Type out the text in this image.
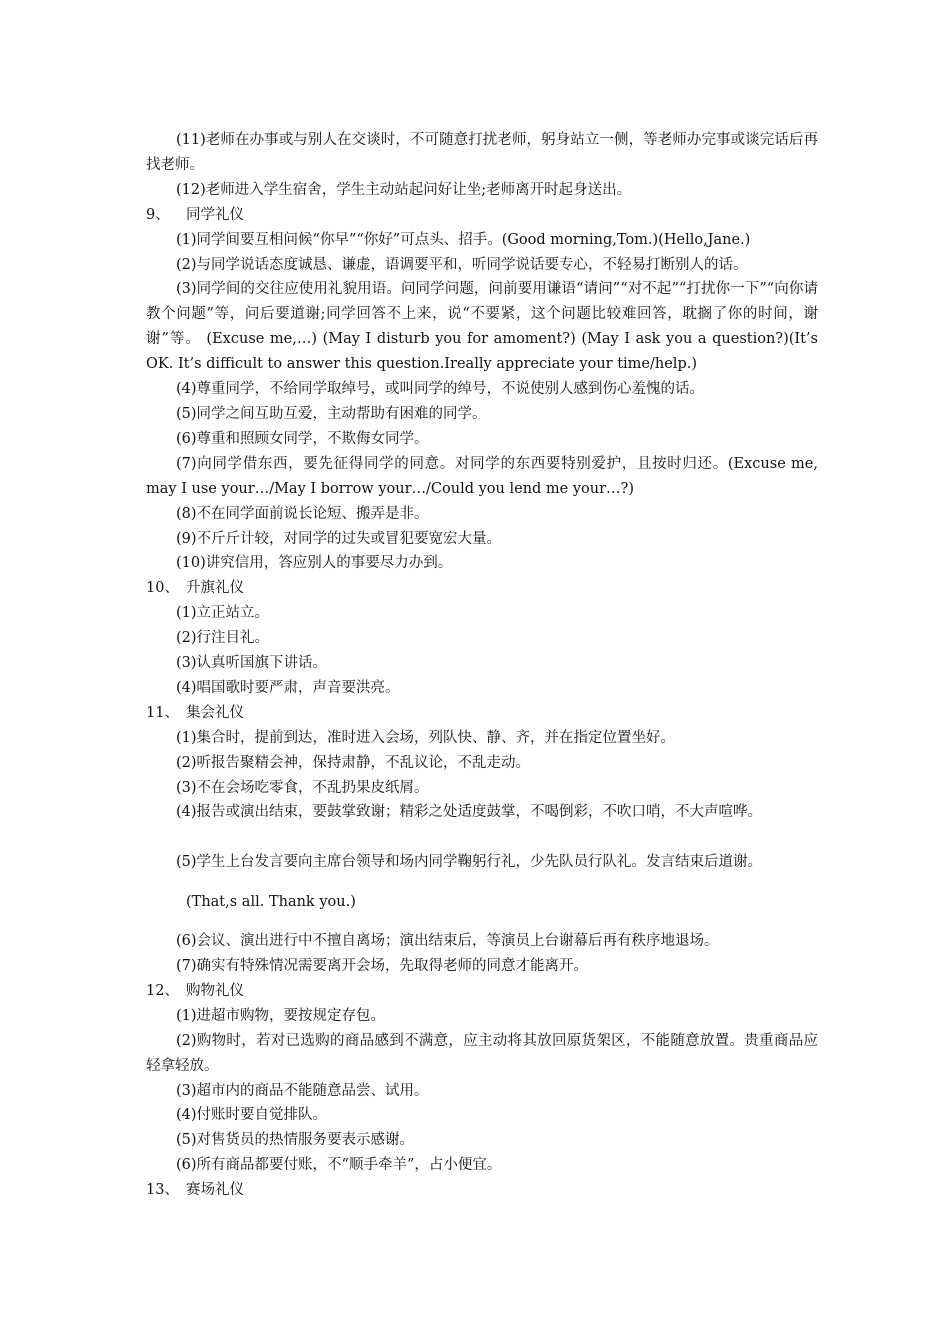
(11)老师在办事或与别人在交谈时，不可随意打扰老师，躬身站立一侧，等老师办完事或谈完话后再找老师。

(12)老师进入学生宿舍，学生主动站起问好让坐;老师离开时起身送出。

9、 同学礼仪

(1)同学间要互相问候“你早”“你好”可点头、招手。(Good morning,Tom.)(Hello,Jane.)

(2)与同学说话态度诚恳、谦虚，语调要平和，听同学说话要专心，不轻易打断别人的话。

(3)同学间的交往应使用礼貌用语。问同学问题，问前要用谦语“请问”“对不起”“打扰你一下”“向你请教个问题”等，问后要道谢;同学回答不上来，说“不要紧，这个问题比较难回答，耽搁了你的时间，谢谢”等。 (Excuse me,…) (May I disturb you for amoment?) (May I ask you a question?)(It’s OK. It’s difficult to answer this question.Ireally appreciate your time/help.)

(4)尊重同学，不给同学取绰号，或叫同学的绰号，不说使别人感到伤心羞愧的话。

(5)同学之间互助互爱，主动帮助有困难的同学。

(6)尊重和照顾女同学，不欺侮女同学。

(7)向同学借东西，要先征得同学的同意。对同学的东西要特别爱护，且按时归还。(Excuse me, may I use your…/May I borrow your…/Could you lend me your…?)

(8)不在同学面前说长论短、搬弄是非。

(9)不斤斤计较，对同学的过失或冒犯要宽宏大量。

(10)讲究信用，答应别人的事要尽力办到。

10、 升旗礼仪

(1)立正站立。

(2)行注目礼。

(3)认真听国旗下讲话。

(4)唱国歌时要严肃，声音要洪亮。

11、 集会礼仪

(1)集合时，提前到达，准时进入会场，列队快、静、齐，并在指定位置坐好。

(2)听报告聚精会神，保持肃静，不乱议论，不乱走动。

(3)不在会场吃零食，不乱扔果皮纸屑。

(4)报告或演出结束，要鼓掌致谢；精彩之处适度鼓掌，不喝倒彩，不吹口哨，不大声喧哗。

(5)学生上台发言要向主席台领导和场内同学鞠躬行礼，少先队员行队礼。发言结束后道谢。

(That,s all. Thank you.)

(6)会议、演出进行中不擅自离场；演出结束后，等演员上台谢幕后再有秩序地退场。

(7)确实有特殊情况需要离开会场，先取得老师的同意才能离开。

12、 购物礼仪

(1)进超市购物，要按规定存包。

(2)购物时，若对已选购的商品感到不满意，应主动将其放回原货架区，不能随意放置。贵重商品应轻拿轻放。

(3)超市内的商品不能随意品尝、试用。

(4)付账时要自觉排队。

(5)对售货员的热情服务要表示感谢。

(6)所有商品都要付账，不“顺手牵羊”，占小便宜。

13、 赛场礼仪
